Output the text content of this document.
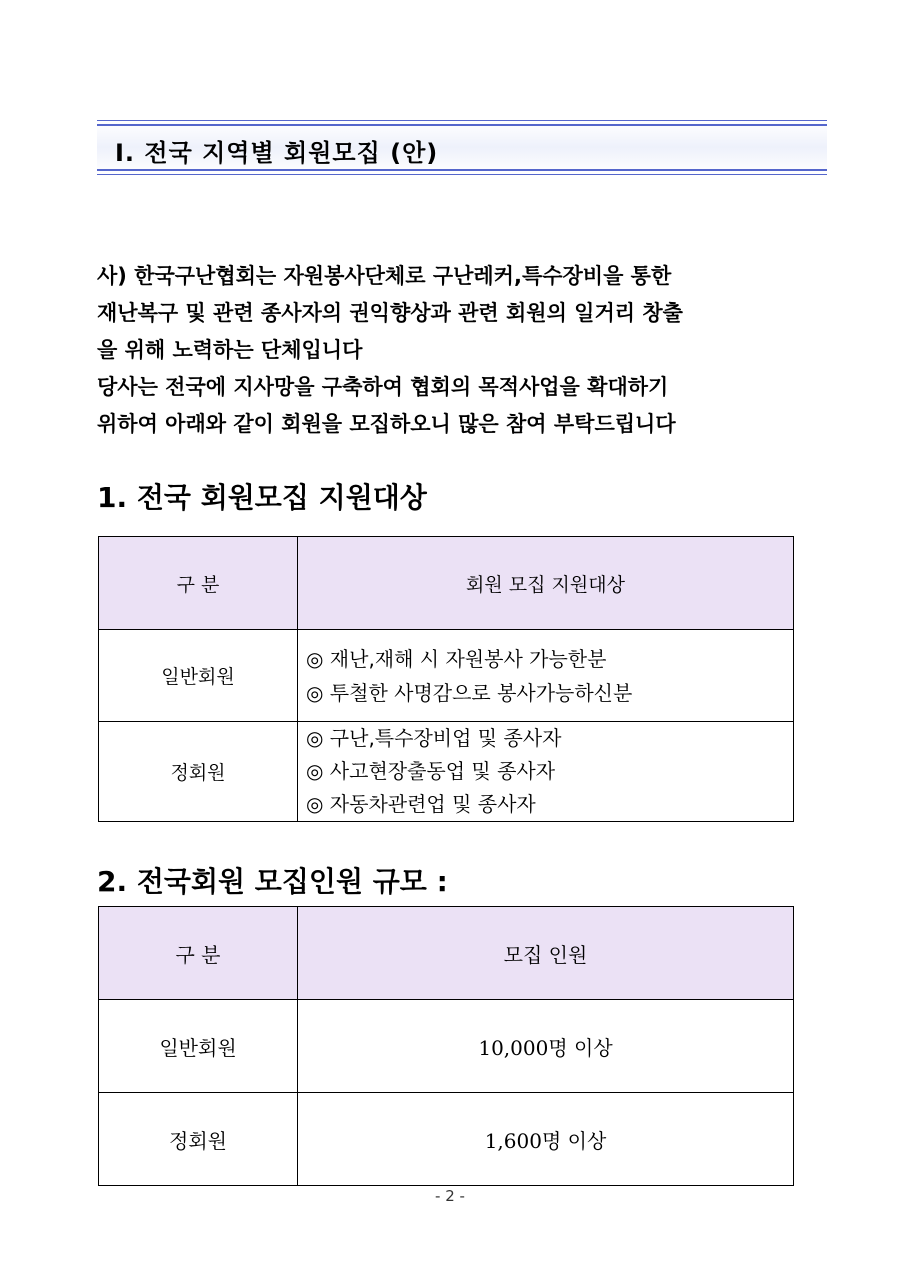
Ⅰ. 전국 지역별 회원모집 (안)
사) 한국구난협회는 자원봉사단체로 구난레커,특수장비을 통한
재난복구 및 관련 종사자의 권익향상과 관련 회원의 일거리 창출
을 위해 노력하는 단체입니다
당사는 전국에 지사망을 구축하여 협회의 목적사업을 확대하기
위하여 아래와 같이 회원을 모집하오니 많은 참여 부탁드립니다
1. 전국 회원모집 지원대상
구 분	회원 모집 지원대상
일반회원	◎ 재난,재해 시 자원봉사 가능한분
◎ 투철한 사명감으로 봉사가능하신분

정회원	◎ 구난,특수장비업 및 종사자
◎ 사고현장출동업 및 종사자
◎ 자동차관련업 및 종사자
2. 전국회원 모집인원 규모 :
구 분	모집 인원
일반회원	10,000명 이상
정회원	1,600명 이상
- 2 -
